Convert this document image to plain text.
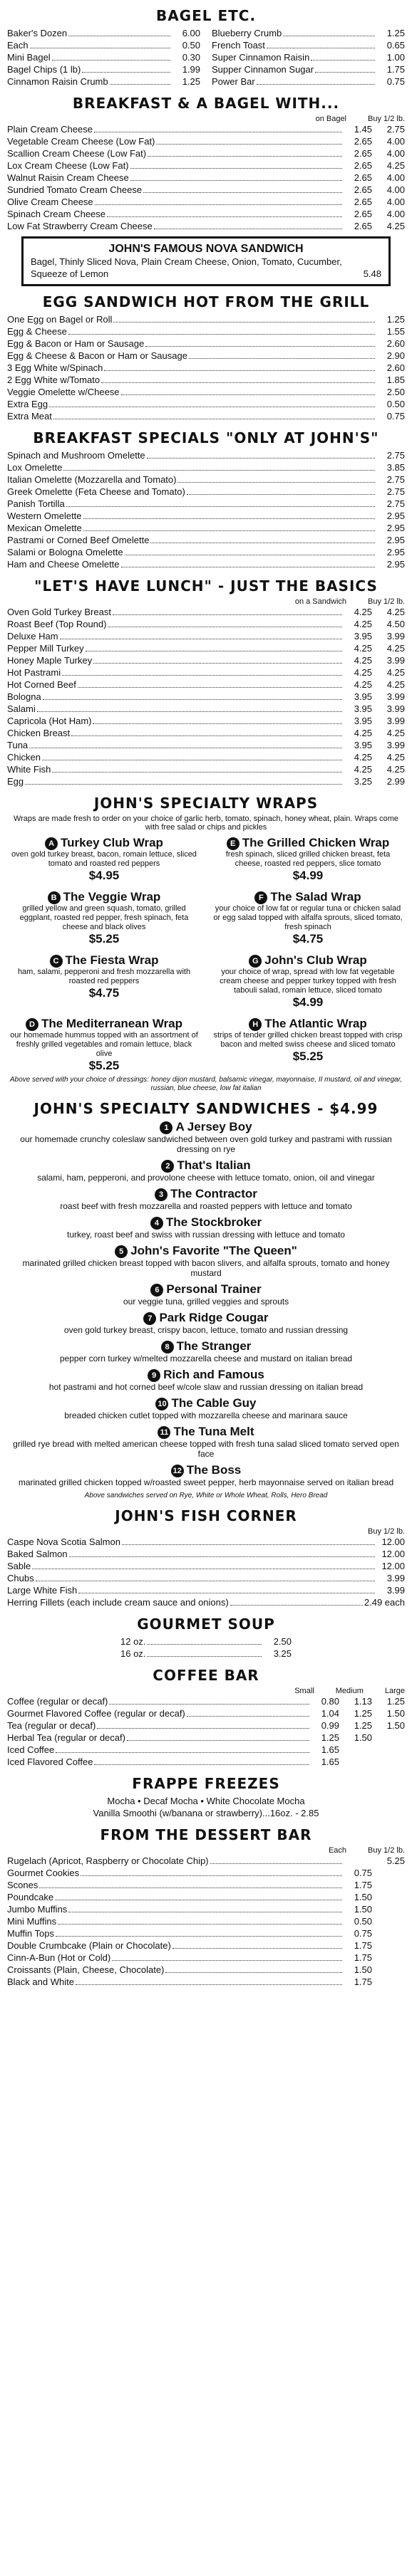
BAGEL ETC.
Baker's Dozen	6.00
Each	0.50
Mini Bagel	0.30
Bagel Chips (1 lb)	1.99
Cinnamon Raisin Crumb	1.25
Blueberry Crumb	1.25
French Toast	0.65
Super Cinnamon Raisin	1.00
Supper Cinnamon Sugar	1.75
Power Bar	0.75
BREAKFAST & A BAGEL WITH...
on Bagel	Buy 1/2 lb.
Plain Cream Cheese	1.45	2.75
Vegetable Cream Cheese (Low Fat)	2.65	4.00
Scallion Cream Cheese (Low Fat)	2.65	4.00
Lox Cream Cheese (Low Fat)	2.65	4.25
Walnut Raisin Cream Cheese	2.65	4.00
Sundried Tomato Cream Cheese	2.65	4.00
Olive Cream Cheese	2.65	4.00
Spinach Cream Cheese	2.65	4.00
Low Fat Strawberry Cream Cheese	2.65	4.25
JOHN'S FAMOUS NOVA SANDWICH
Bagel, Thinly Sliced Nova, Plain Cream Cheese, Onion, Tomato, Cucumber, Squeeze of Lemon	5.48
EGG SANDWICH HOT FROM THE GRILL
One Egg on Bagel or Roll	1.25
Egg & Cheese	1.55
Egg & Bacon or Ham or Sausage	2.60
Egg & Cheese & Bacon or Ham or Sausage	2.90
3 Egg White w/Spinach	2.60
2 Egg White w/Tomato	1.85
Veggie Omelette w/Cheese	2.50
Extra Egg	0.50
Extra Meat	0.75
BREAKFAST SPECIALS "ONLY AT JOHN'S"
Spinach and Mushroom Omelette	2.75
Lox Omelette	3.85
Italian Omelette (Mozzarella and Tomato)	2.75
Greek Omelette (Feta Cheese and Tomato)	2.75
Panish Tortilla	2.75
Western Omelette	2.95
Mexican Omelette	2.95
Pastrami or Corned Beef Omelette	2.95
Salami or Bologna Omelette	2.95
Ham and Cheese Omelette	2.95
"LET'S HAVE LUNCH" - JUST THE BASICS
on a Sandwich	Buy 1/2 lb.
Oven Gold Turkey Breast	4.25	4.25
Roast Beef (Top Round)	4.25	4.50
Deluxe Ham	3.95	3.99
Pepper Mill Turkey	4.25	4.25
Honey Maple Turkey	4.25	3.99
Hot Pastrami	4.25	4.25
Hot Corned Beef	4.25	4.25
Bologna	3.95	3.99
Salami	3.95	3.99
Capricola (Hot Ham)	3.95	3.99
Chicken Breast	4.25	4.25
Tuna	3.95	3.99
Chicken	4.25	4.25
White Fish	4.25	4.25
Egg	3.25	2.99
JOHN'S SPECIALTY WRAPS
Wraps are made fresh to order on your choice of garlic herb, tomato, spinach, honey wheat, plain. Wraps come with free salad or chips and pickles
A Turkey Club Wrap
oven gold turkey breast, bacon, romain lettuce, sliced tomato and roasted red peppers
$4.95
E The Grilled Chicken Wrap
fresh spinach, sliced grilled chicken breast, feta cheese, roasted red peppers, slice tomato
$4.99
B The Veggie Wrap
grilled yellow and green squash, tomato, grilled eggplant, roasted red pepper, fresh spinach, feta cheese and black olives
$5.25
F The Salad Wrap
your choice of low fat or regular tuna or chicken salad or egg salad topped with alfalfa sprouts, sliced tomato, fresh spinach
$4.75
C The Fiesta Wrap
ham, salami, pepperoni and fresh mozzarella with roasted red peppers
$4.75
G John's Club Wrap
your choice of wrap, spread with low fat vegetable cream cheese and pepper turkey topped with fresh tabouli salad, romain lettuce, sliced tomato
$4.99
D The Mediterranean Wrap
our homemade hummus topped with an assortment of freshly grilled vegetables and romain lettuce, black olive
$5.25
H The Atlantic Wrap
strips of tender grilled chicken breast topped with crisp bacon and melted swiss cheese and sliced tomato
$5.25
Above served with your choice of dressings: honey dijon mustard, balsamic vinegar, mayonnaise, II mustard, oil and vinegar, russian, blue cheese, low fat italian
JOHN'S SPECIALTY SANDWICHES - $4.99
1 A Jersey Boy
our homemade crunchy coleslaw sandwiched between oven gold turkey and pastrami with russian dressing on rye
2 That's Italian
salami, ham, pepperoni, and provolone cheese with lettuce tomato, onion, oil and vinegar
3 The Contractor
roast beef with fresh mozzarella and roasted peppers with lettuce and tomato
4 The Stockbroker
turkey, roast beef and swiss with russian dressing with lettuce and tomato
5 John's Favorite "The Queen"
marinated grilled chicken breast topped with bacon slivers, and alfalfa sprouts, tomato and honey mustard
6 Personal Trainer
our veggie tuna, grilled veggies and sprouts
7 Park Ridge Cougar
oven gold turkey breast, crispy bacon, lettuce, tomato and russian dressing
8 The Stranger
pepper corn turkey w/melted mozzarella cheese and mustard on italian bread
9 Rich and Famous
hot pastrami and hot corned beef w/cole slaw and russian dressing on italian bread
10 The Cable Guy
breaded chicken cutlet topped with mozzarella cheese and marinara sauce
11 The Tuna Melt
grilled rye bread with melted american cheese topped with fresh tuna salad sliced tomato served open face
12 The Boss
marinated grilled chicken topped w/roasted sweet pepper, herb mayonnaise served on italian bread
Above sandwiches served on Rye, White or Whole Wheat, Rolls, Hero Bread
JOHN'S FISH CORNER
Buy 1/2 lb.
Caspe Nova Scotia Salmon	12.00
Baked Salmon	12.00
Sable	12.00
Chubs	3.99
Large White Fish	3.99
Herring Fillets (each include cream sauce and onions)	2.49 each
GOURMET SOUP
12 oz.	2.50
16 oz.	3.25
COFFEE BAR
Small	Medium	Large
Coffee (regular or decaf)	0.80	1.13	1.25
Gourmet Flavored Coffee (regular or decaf)	1.04	1.25	1.50
Tea (regular or decaf)	0.99	1.25	1.50
Herbal Tea (regular or decaf)	1.25	1.50
Iced Coffee	1.65
Iced Flavored Coffee	1.65
FRAPPE FREEZES
Mocha • Decaf Mocha • White Chocolate Mocha
Vanilla Smoothi (w/banana or strawberry)...16oz. - 2.85
FROM THE DESSERT BAR
Each	Buy 1/2 lb.
Rugelach (Apricot, Raspberry or Chocolate Chip)	5.25
Gourmet Cookies	0.75
Scones	1.75
Poundcake	1.50
Jumbo Muffins	1.50
Mini Muffins	0.50
Muffin Tops	0.75
Double Crumbcake (Plain or Chocolate)	1.75
Cinn-A-Bun (Hot or Cold)	1.75
Croissants (Plain, Cheese, Chocolate)	1.50
Black and White	1.75
